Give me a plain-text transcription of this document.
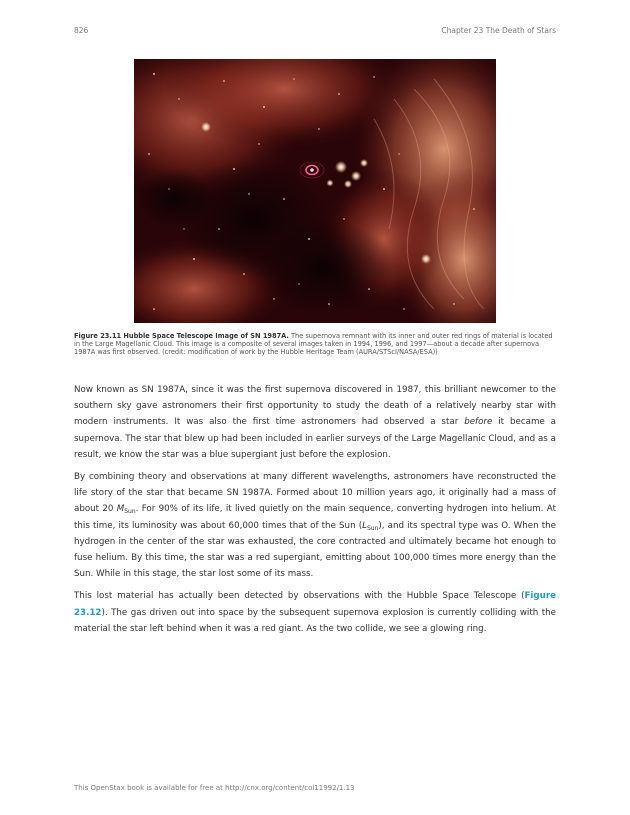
826	Chapter 23 The Death of Stars
Figure 23.11 Hubble Space Telescope Image of SN 1987A. The supernova remnant with its inner and outer red rings of material is located in the Large Magellanic Cloud. This image is a composite of several images taken in 1994, 1996, and 1997—about a decade after supernova 1987A was first observed. (credit: modification of work by the Hubble Heritage Team (AURA/STScI/NASA/ESA))

Now known as SN 1987A, since it was the first supernova discovered in 1987, this brilliant newcomer to the southern sky gave astronomers their first opportunity to study the death of a relatively nearby star with modern instruments. It was also the first time astronomers had observed a star before it became a supernova. The star that blew up had been included in earlier surveys of the Large Magellanic Cloud, and as a result, we know the star was a blue supergiant just before the explosion.

By combining theory and observations at many different wavelengths, astronomers have reconstructed the life story of the star that became SN 1987A. Formed about 10 million years ago, it originally had a mass of about 20 $M_{Sun}$. For 90% of its life, it lived quietly on the main sequence, converting hydrogen into helium. At this time, its luminosity was about 60,000 times that of the Sun $(L_{Sun})$, and its spectral type was O. When the hydrogen in the center of the star was exhausted, the core contracted and ultimately became hot enough to fuse helium. By this time, the star was a red supergiant, emitting about 100,000 times more energy than the Sun. While in this stage, the star lost some of its mass.

This lost material has actually been detected by observations with the Hubble Space Telescope (Figure 23.12). The gas driven out into space by the subsequent supernova explosion is currently colliding with the material the star left behind when it was a red giant. As the two collide, we see a glowing ring.

This OpenStax book is available for free at http://cnx.org/content/col11992/1.13
